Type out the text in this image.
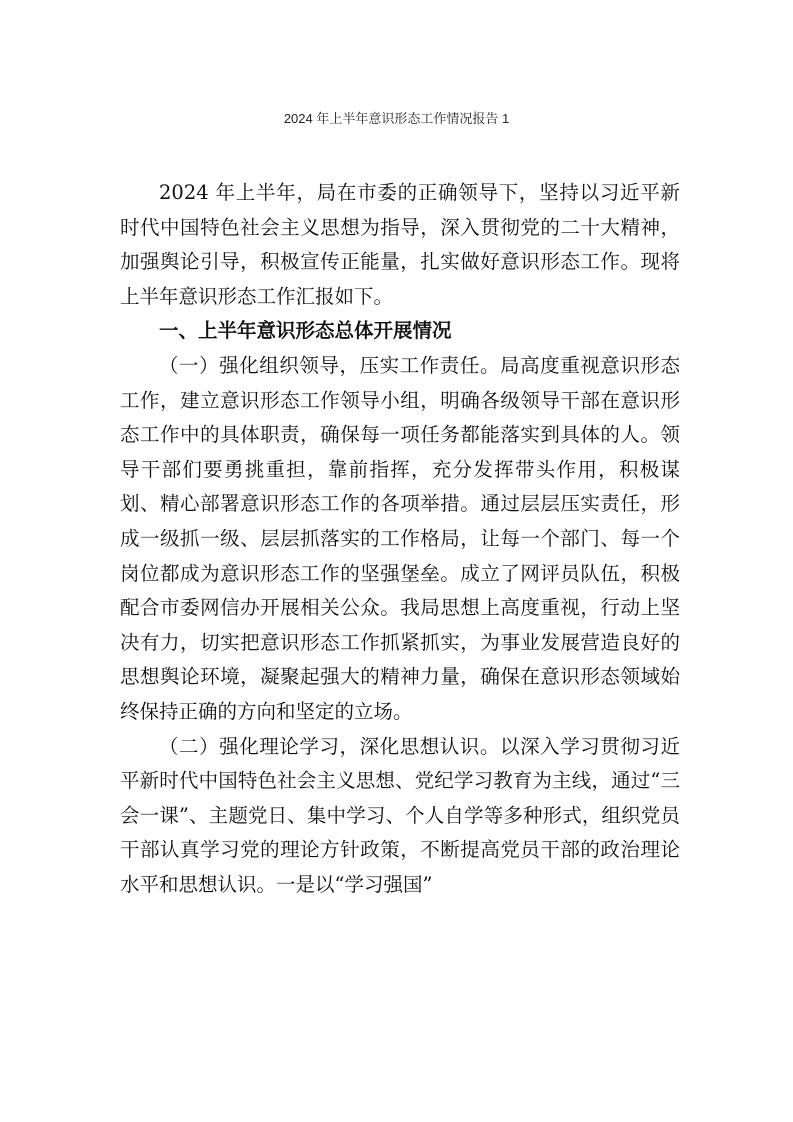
2024 年上半年意识形态工作情况报告 1

2024 年上半年，局在市委的正确领导下，坚持以习近平新时代中国特色社会主义思想为指导，深入贯彻党的二十大精神，加强舆论引导，积极宣传正能量，扎实做好意识形态工作。现将上半年意识形态工作汇报如下。

一、上半年意识形态总体开展情况

（一）强化组织领导，压实工作责任。局高度重视意识形态工作，建立意识形态工作领导小组，明确各级领导干部在意识形态工作中的具体职责，确保每一项任务都能落实到具体的人。领导干部们要勇挑重担，靠前指挥，充分发挥带头作用，积极谋划、精心部署意识形态工作的各项举措。通过层层压实责任，形成一级抓一级、层层抓落实的工作格局，让每一个部门、每一个岗位都成为意识形态工作的坚强堡垒。成立了网评员队伍，积极配合市委网信办开展相关公众。我局思想上高度重视，行动上坚决有力，切实把意识形态工作抓紧抓实，为事业发展营造良好的思想舆论环境，凝聚起强大的精神力量，确保在意识形态领域始终保持正确的方向和坚定的立场。

（二）强化理论学习，深化思想认识。以深入学习贯彻习近平新时代中国特色社会主义思想、党纪学习教育为主线，通过“三会一课”、主题党日、集中学习、个人自学等多种形式，组织党员干部认真学习党的理论方针政策，不断提高党员干部的政治理论水平和思想认识。一是以“学习强国”
